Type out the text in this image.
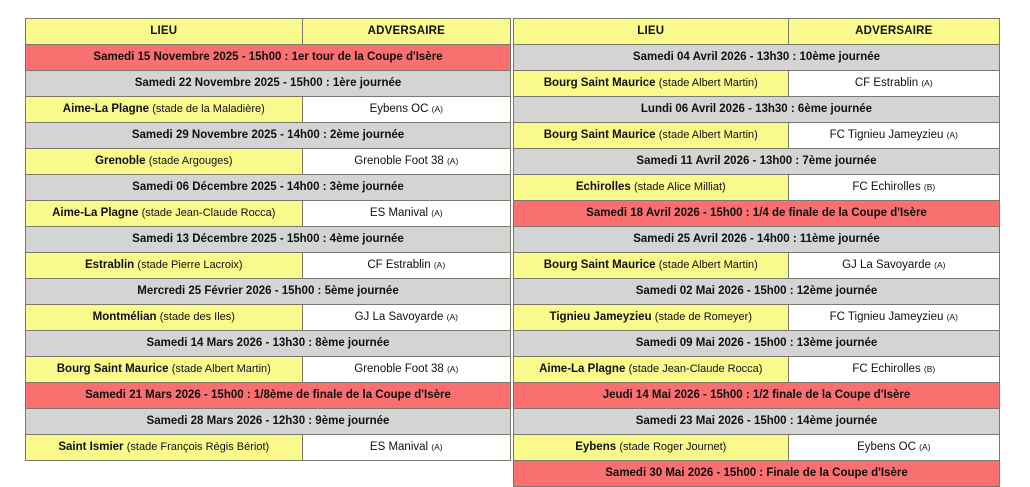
LIEU	ADVERSAIRE
Samedi 15 Novembre 2025 - 15h00 : 1er tour de la Coupe d'Isère	
Samedi 22 Novembre 2025 - 15h00 : 1ère journée	
Aime-La Plagne (stade de la Maladière)	Eybens OC (A)
Samedi 29 Novembre 2025 - 14h00 : 2ème journée	
Grenoble (stade Argouges)	Grenoble Foot 38 (A)
Samedi 06 Décembre 2025 - 14h00 : 3ème journée	
Aime-La Plagne (stade Jean-Claude Rocca)	ES Manival (A)
Samedi 13 Décembre 2025 - 15h00 : 4ème journée	
Estrablin (stade Pierre Lacroix)	CF Estrablin (A)
Mercredi 25 Février 2026 - 15h00 : 5ème journée	
Montmélian (stade des Iles)	GJ La Savoyarde (A)
Samedi 14 Mars 2026 - 13h30 : 8ème journée	
Bourg Saint Maurice (stade Albert Martin)	Grenoble Foot 38 (A)
Samedi 21 Mars 2026 - 15h00 : 1/8ème de finale de la Coupe d'Isère	
Samedi 28 Mars 2026 - 12h30 : 9ème journée	
Saint Ismier (stade François Régis Bériot)	ES Manival (A)
LIEU	ADVERSAIRE
Samedi 04 Avril 2026 - 13h30 : 10ème journée	
Bourg Saint Maurice (stade Albert Martin)	CF Estrablin (A)
Lundi 06 Avril 2026 - 13h30 : 6ème journée	
Bourg Saint Maurice (stade Albert Martin)	FC Tignieu Jameyzieu (A)
Samedi 11 Avril 2026 - 13h00 : 7ème journée	
Echirolles (stade Alice Milliat)	FC Echirolles (B)
Samedi 18 Avril 2026 - 15h00 : 1/4 de finale de la Coupe d'Isère	
Samedi 25 Avril 2026 - 14h00 : 11ème journée	
Bourg Saint Maurice (stade Albert Martin)	GJ La Savoyarde (A)
Samedi 02 Mai 2026 - 15h00 : 12ème journée	
Tignieu Jameyzieu (stade de Romeyer)	FC Tignieu Jameyzieu (A)
Samedi 09 Mai 2026 - 15h00 : 13ème journée	
Aime-La Plagne (stade Jean-Claude Rocca)	FC Echirolles (B)
Jeudi 14 Mai 2026 - 15h00 : 1/2 finale de la Coupe d'Isère	
Samedi 23 Mai 2026 - 15h00 : 14ème journée	
Eybens (stade Roger Journet)	Eybens OC (A)
Samedi 30 Mai 2026 - 15h00 : Finale de la Coupe d'Isère	
